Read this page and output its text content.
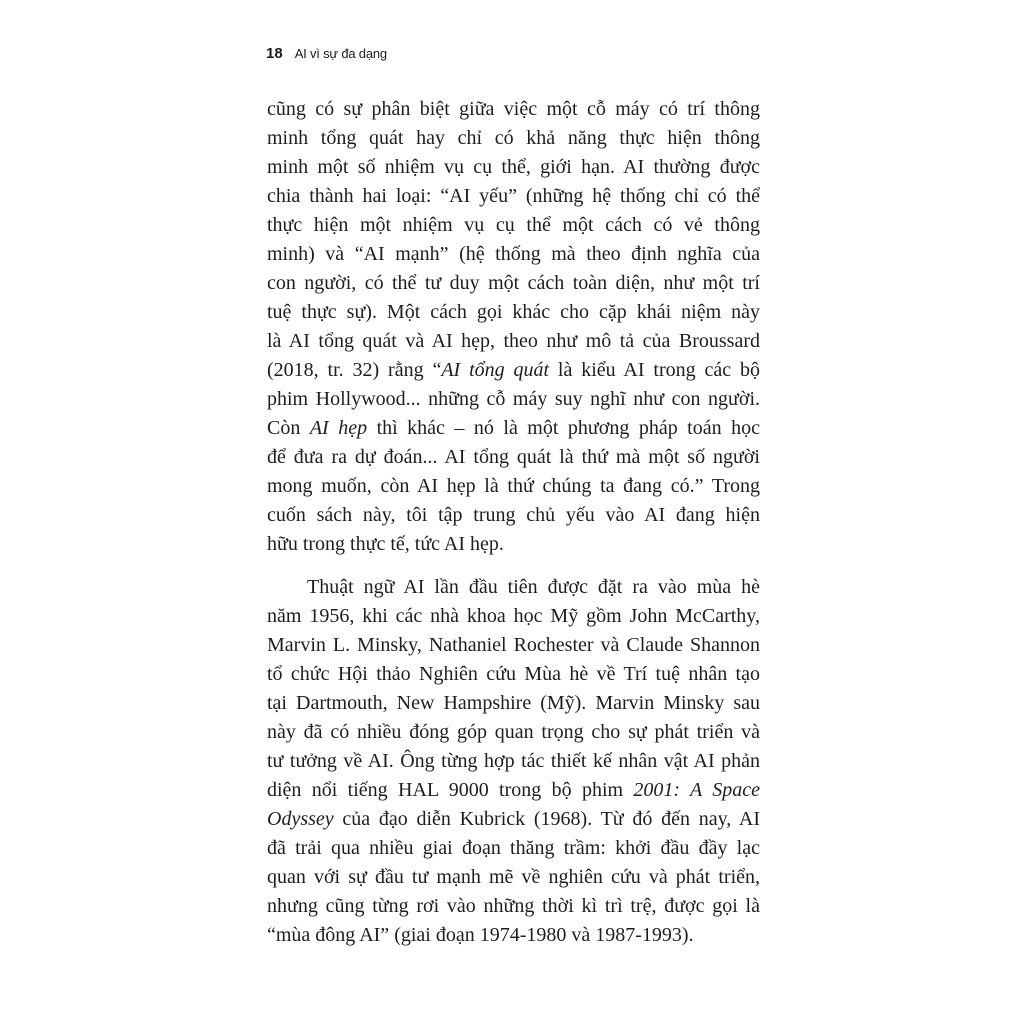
18 AI vì sự đa dạng
cũng có sự phân biệt giữa việc một cỗ máy có trí thông
minh tổng quát hay chỉ có khả năng thực hiện thông
minh một số nhiệm vụ cụ thể, giới hạn. AI thường được
chia thành hai loại: “AI yếu” (những hệ thống chỉ có thể
thực hiện một nhiệm vụ cụ thể một cách có vẻ thông
minh) và “AI mạnh” (hệ thống mà theo định nghĩa của
con người, có thể tư duy một cách toàn diện, như một trí
tuệ thực sự). Một cách gọi khác cho cặp khái niệm này
là AI tổng quát và AI hẹp, theo như mô tả của Broussard
(2018, tr. 32) rằng “AI tổng quát là kiểu AI trong các bộ
phim Hollywood... những cỗ máy suy nghĩ như con người.
Còn AI hẹp thì khác – nó là một phương pháp toán học
để đưa ra dự đoán... AI tổng quát là thứ mà một số người
mong muốn, còn AI hẹp là thứ chúng ta đang có.” Trong
cuốn sách này, tôi tập trung chủ yếu vào AI đang hiện
hữu trong thực tế, tức AI hẹp.
Thuật ngữ AI lần đầu tiên được đặt ra vào mùa hè
năm 1956, khi các nhà khoa học Mỹ gồm John McCarthy,
Marvin L. Minsky, Nathaniel Rochester và Claude Shannon
tổ chức Hội thảo Nghiên cứu Mùa hè về Trí tuệ nhân tạo
tại Dartmouth, New Hampshire (Mỹ). Marvin Minsky sau
này đã có nhiều đóng góp quan trọng cho sự phát triển và
tư tưởng về AI. Ông từng hợp tác thiết kế nhân vật AI phản
diện nổi tiếng HAL 9000 trong bộ phim 2001: A Space
Odyssey của đạo diễn Kubrick (1968). Từ đó đến nay, AI
đã trải qua nhiều giai đoạn thăng trầm: khởi đầu đầy lạc
quan với sự đầu tư mạnh mẽ về nghiên cứu và phát triển,
nhưng cũng từng rơi vào những thời kì trì trệ, được gọi là
“mùa đông AI” (giai đoạn 1974-1980 và 1987-1993).
